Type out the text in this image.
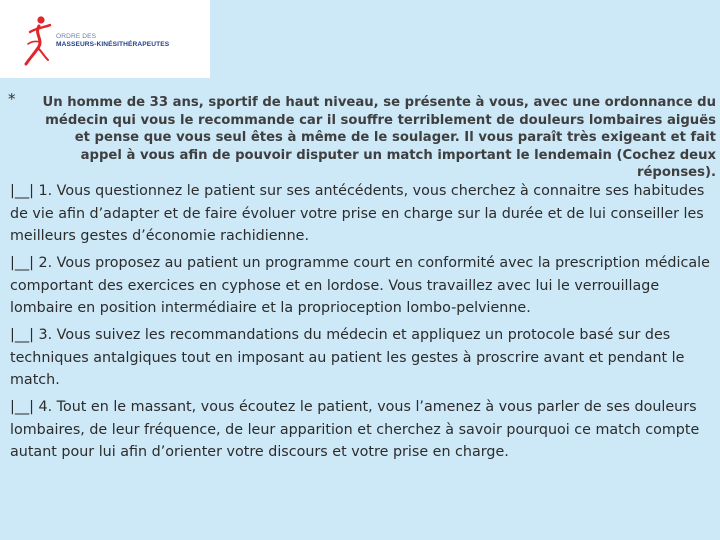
ORDRE DES
MASSEURS-KINÉSITHÉRAPEUTES
*	Un homme de 33 ans, sportif de haut niveau, se présente à vous, avec une ordonnance du médecin qui vous le recommande car il souffre terriblement de douleurs lombaires aiguës et pense que vous seul êtes à même de le soulager. Il vous paraît très exigeant et fait appel à vous afin de pouvoir disputer un match important le lendemain (Cochez deux réponses).

|__| 1. Vous questionnez le patient sur ses antécédents, vous cherchez à connaitre ses habitudes de vie afin d’adapter et de faire évoluer votre prise en charge sur la durée et de lui conseiller les meilleurs gestes d’économie rachidienne.

|__| 2. Vous proposez au patient un programme court en conformité avec la prescription médicale comportant des exercices en cyphose et en lordose. Vous travaillez avec lui le verrouillage lombaire en position intermédiaire et la proprioception lombo-pelvienne.

|__| 3. Vous suivez les recommandations du médecin et appliquez un protocole basé sur des techniques antalgiques tout en imposant au patient les gestes à proscrire avant et pendant le match.

|__| 4. Tout en le massant, vous écoutez le patient, vous l’amenez à vous parler de ses douleurs lombaires, de leur fréquence, de leur apparition et cherchez à savoir pourquoi ce match compte autant pour lui afin d’orienter votre discours et votre prise en charge.
